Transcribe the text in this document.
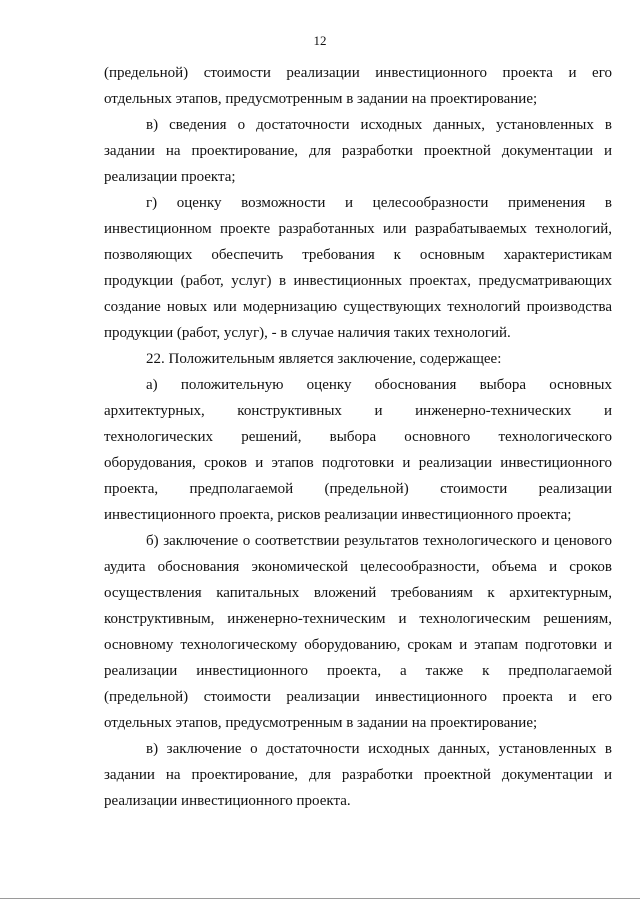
12
(предельной) стоимости реализации инвестиционного проекта и его
отдельных этапов, предусмотренным в задании на проектирование;
в) сведения о достаточности исходных данных, установленных в
задании на проектирование, для разработки проектной документации и
реализации проекта;
г) оценку возможности и целесообразности применения в
инвестиционном проекте разработанных или разрабатываемых технологий,
позволяющих обеспечить требования к основным характеристикам
продукции (работ, услуг) в инвестиционных проектах, предусматривающих
создание новых или модернизацию существующих технологий производства
продукции (работ, услуг), - в случае наличия таких технологий.
22. Положительным является заключение, содержащее:
а) положительную оценку обоснования выбора основных
архитектурных, конструктивных и инженерно-технических и
технологических решений, выбора основного технологического
оборудования, сроков и этапов подготовки и реализации инвестиционного
проекта, предполагаемой (предельной) стоимости реализации
инвестиционного проекта, рисков реализации инвестиционного проекта;
б) заключение о соответствии результатов технологического и ценового
аудита обоснования экономической целесообразности, объема и сроков
осуществления капитальных вложений требованиям к архитектурным,
конструктивным, инженерно-техническим и технологическим решениям,
основному технологическому оборудованию, срокам и этапам подготовки и
реализации инвестиционного проекта, а также к предполагаемой
(предельной) стоимости реализации инвестиционного проекта и его
отдельных этапов, предусмотренным в задании на проектирование;
в) заключение о достаточности исходных данных, установленных в
задании на проектирование, для разработки проектной документации и
реализации инвестиционного проекта.
